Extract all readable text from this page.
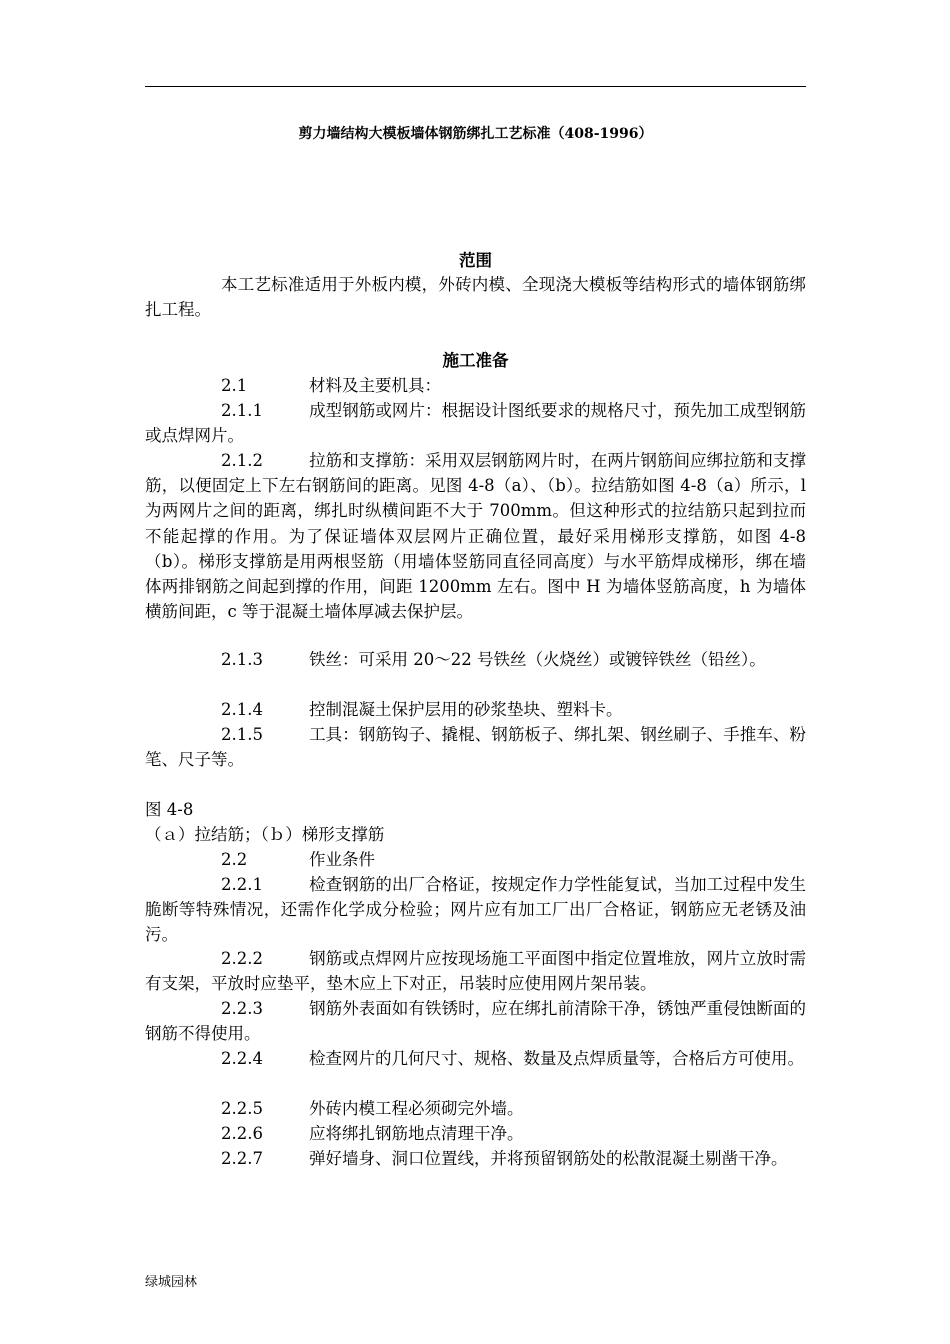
剪力墙结构大模板墙体钢筋绑扎工艺标准（408-1996）
范围
本工艺标准适用于外板内模，外砖内模、全现浇大模板等结构形式的墙体钢筋绑扎工程。
施工准备
2.1	材料及主要机具：
2.1.1	成型钢筋或网片：根据设计图纸要求的规格尺寸，预先加工成型钢筋或点焊网片。
2.1.2	拉筋和支撑筋：采用双层钢筋网片时，在两片钢筋间应绑拉筋和支撑筋，以便固定上下左右钢筋间的距离。见图 4-8（a）、（b）。拉结筋如图 4-8（a）所示，l 为两网片之间的距离，绑扎时纵横间距不大于 700mm。但这种形式的拉结筋只起到拉而不能起撑的作用。为了保证墙体双层网片正确位置，最好采用梯形支撑筋，如图 4-8（b）。梯形支撑筋是用两根竖筋（用墙体竖筋同直径同高度）与水平筋焊成梯形，绑在墙体两排钢筋之间起到撑的作用，间距 1200mm 左右。图中 H 为墙体竖筋高度，h 为墙体横筋间距，c 等于混凝土墙体厚减去保护层。
2.1.3	铁丝：可采用 20～22 号铁丝（火烧丝）或镀锌铁丝（铅丝）。
2.1.4	控制混凝土保护层用的砂浆垫块、塑料卡。
2.1.5	工具：钢筋钩子、撬棍、钢筋板子、绑扎架、钢丝刷子、手推车、粉笔、尺子等。
图 4-8
（ａ）拉结筋；（ｂ）梯形支撑筋
2.2	作业条件
2.2.1	检查钢筋的出厂合格证，按规定作力学性能复试，当加工过程中发生脆断等特殊情况，还需作化学成分检验；网片应有加工厂出厂合格证，钢筋应无老锈及油污。
2.2.2	钢筋或点焊网片应按现场施工平面图中指定位置堆放，网片立放时需有支架，平放时应垫平，垫木应上下对正，吊装时应使用网片架吊装。
2.2.3	钢筋外表面如有铁锈时，应在绑扎前清除干净，锈蚀严重侵蚀断面的钢筋不得使用。
2.2.4	检查网片的几何尺寸、规格、数量及点焊质量等，合格后方可使用。
2.2.5	外砖内模工程必须砌完外墙。
2.2.6	应将绑扎钢筋地点清理干净。
2.2.7	弹好墙身、洞口位置线，并将预留钢筋处的松散混凝土剔凿干净。
绿城园林
